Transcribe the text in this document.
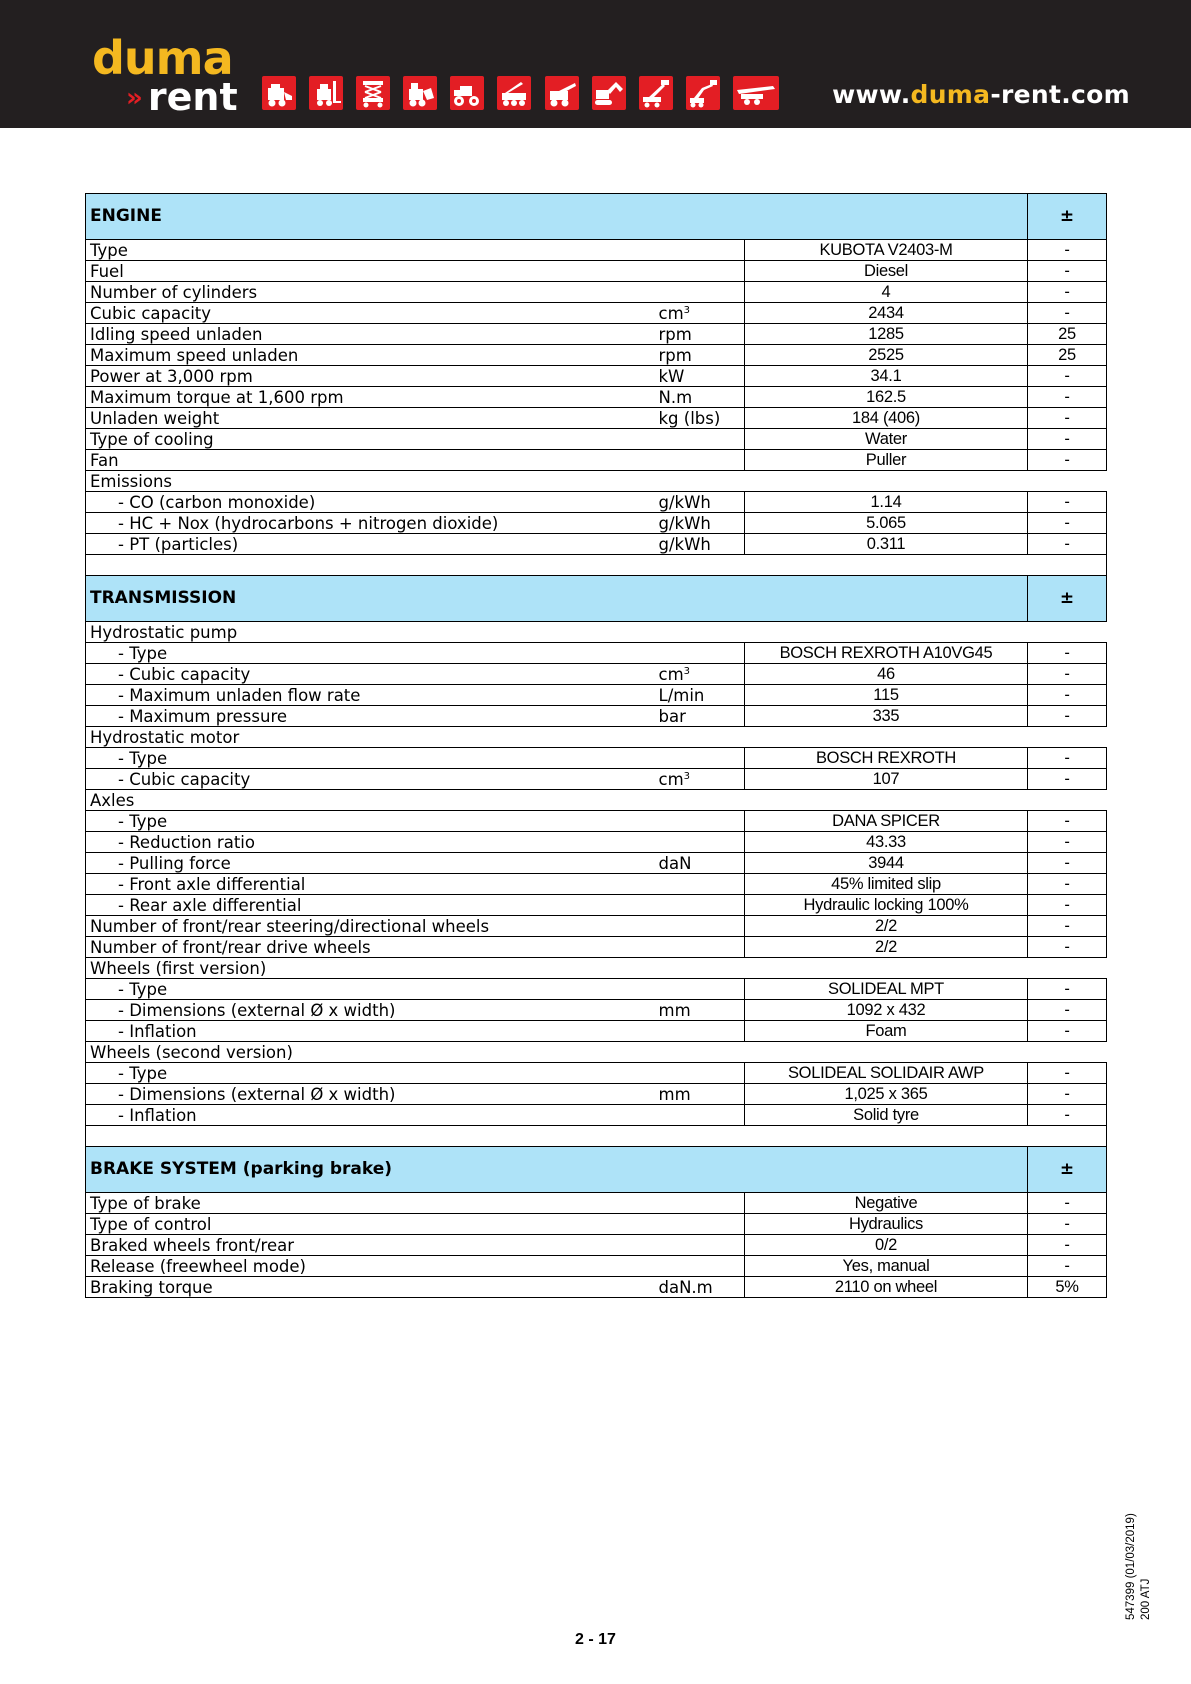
duma
» rent

	www.duma-rent.com
ENGINE			±
Type		KUBOTA V2403-M	-
Fuel		Diesel	-
Number of cylinders		4	-
Cubic capacity	$cm^3$	2434	-
Idling speed unladen	rpm	1285	25
Maximum speed unladen	rpm	2525	25
Power at 3,000 rpm	kW	34.1	-
Maximum torque at 1,600 rpm	N.m	162.5	-
Unladen weight	kg (lbs)	184 (406)	-
Type of cooling		Water	-
Fan		Puller	-
Emissions			
- CO (carbon monoxide)	g/kWh	1.14	-
- HC + Nox (hydrocarbons + nitrogen dioxide)	g/kWh	5.065	-
- PT (particles)	g/kWh	0.311	-

TRANSMISSION			±
Hydrostatic pump			
- Type		BOSCH REXROTH A10VG45	-
- Cubic capacity	$cm^3$	46	-
- Maximum unladen flow rate	L/min	115	-
- Maximum pressure	bar	335	-
Hydrostatic motor			
- Type		BOSCH REXROTH	-
- Cubic capacity	$cm^3$	107	-
Axles			
- Type		DANA SPICER	-
- Reduction ratio		43.33	-
- Pulling force	daN	3944	-
- Front axle differential		45% limited slip	-
- Rear axle differential		Hydraulic locking 100%	-
Number of front/rear steering/directional wheels		2/2	-
Number of front/rear drive wheels		2/2	-
Wheels (first version)			
- Type		SOLIDEAL MPT	-
- Dimensions (external Ø x width)	mm	1092 x 432	-
- Inflation		Foam	-
Wheels (second version)			
- Type		SOLIDEAL SOLIDAIR AWP	-
- Dimensions (external Ø x width)	mm	1,025 x 365	-
- Inflation		Solid tyre	-

BRAKE SYSTEM (parking brake)			±
Type of brake		Negative	-
Type of control		Hydraulics	-
Braked wheels front/rear		0/2	-
Release (freewheel mode)		Yes, manual	-
Braking torque	daN.m	2110 on wheel	5%
2 - 17
547399 (01/03/2019) 200 ATJ
